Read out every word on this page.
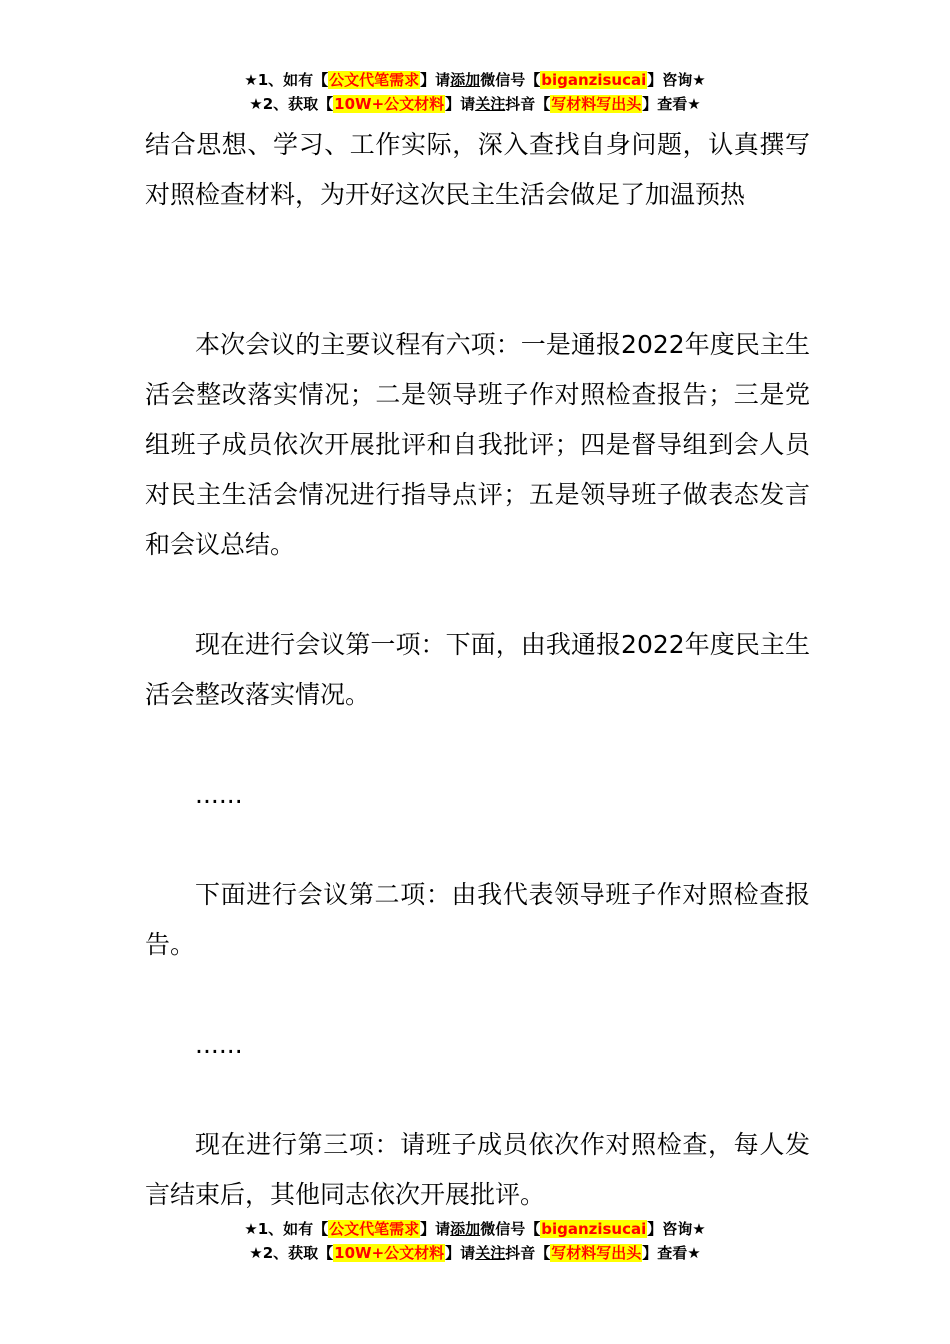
★1、如有【公文代笔需求】请添加微信号【biganzisucai】咨询★
★2、获取【10W+公文材料】请关注抖音【写材料写出头】查看★

结合思想、学习、工作实际，深入查找自身问题，认真撰写对照检查材料，为开好这次民主生活会做足了加温预热

本次会议的主要议程有六项：一是通报2022年度民主生活会整改落实情况；二是领导班子作对照检查报告；三是党组班子成员依次开展批评和自我批评；四是督导组到会人员对民主生活会情况进行指导点评；五是领导班子做表态发言和会议总结。

现在进行会议第一项：下面，由我通报2022年度民主生活会整改落实情况。

......

下面进行会议第二项：由我代表领导班子作对照检查报告。

......

现在进行第三项：请班子成员依次作对照检查，每人发言结束后，其他同志依次开展批评。

★1、如有【公文代笔需求】请添加微信号【biganzisucai】咨询★
★2、获取【10W+公文材料】请关注抖音【写材料写出头】查看★
